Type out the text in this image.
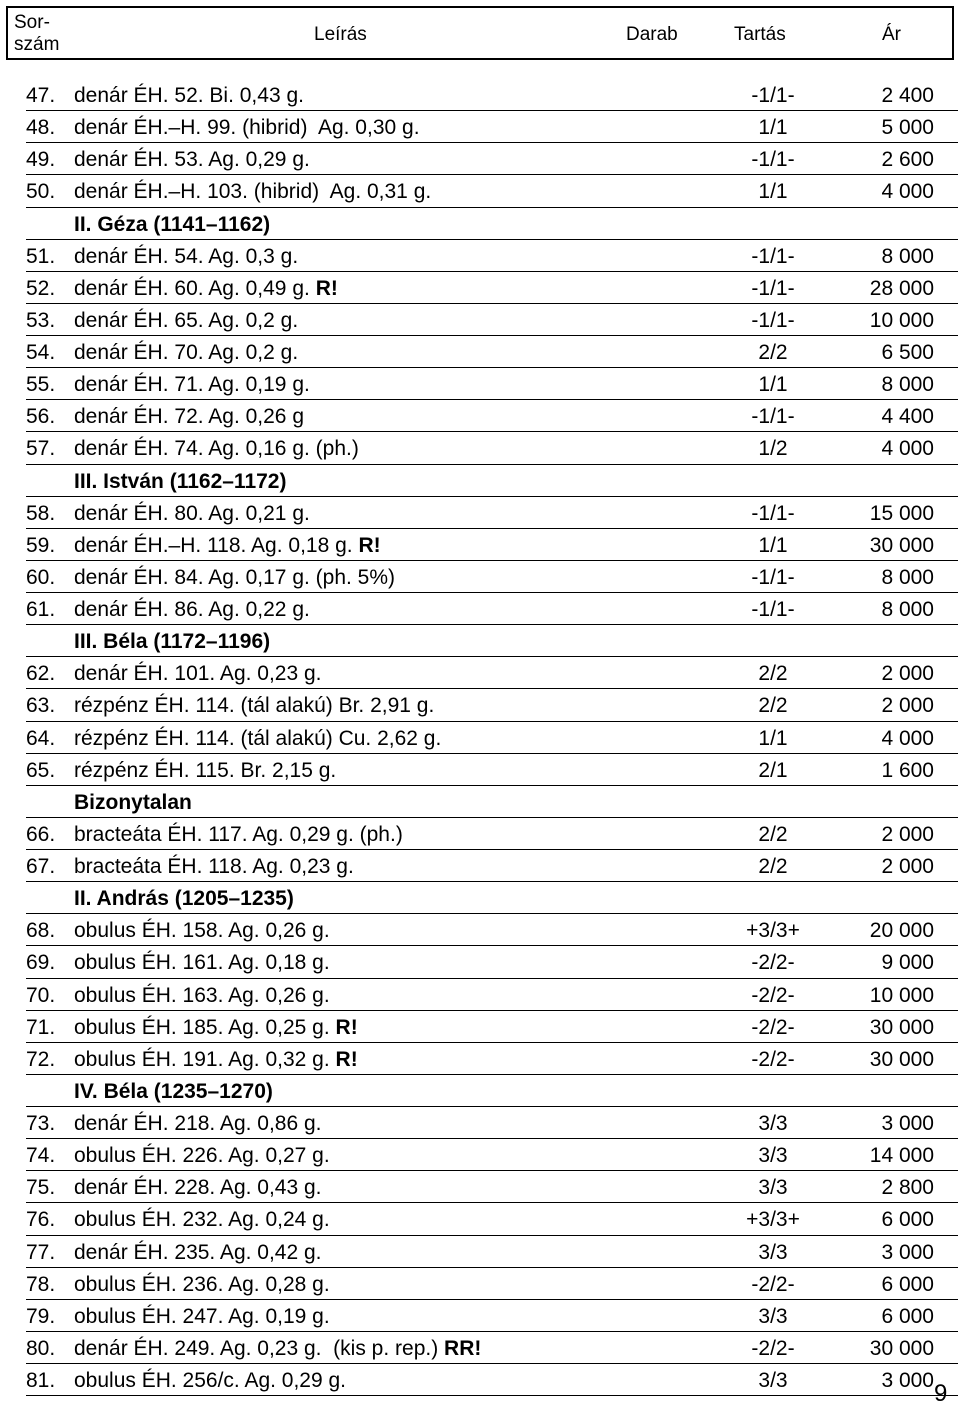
Sor-
szám	Leírás	Darab	Tartás	Ár
47. denár ÉH. 52. Bi. 0,43 g.	-1/1-	2 400
48. denár ÉH.–H. 99. (hibrid)  Ag. 0,30 g.	1/1	5 000
49. denár ÉH. 53. Ag. 0,29 g.	-1/1-	2 600
50. denár ÉH.–H. 103. (hibrid)  Ag. 0,31 g.	1/1	4 000
II. Géza (1141–1162)
51. denár ÉH. 54. Ag. 0,3 g.	-1/1-	8 000
52. denár ÉH. 60. Ag. 0,49 g. R!	-1/1-	28 000
53. denár ÉH. 65. Ag. 0,2 g.	-1/1-	10 000
54. denár ÉH. 70. Ag. 0,2 g.	2/2	6 500
55. denár ÉH. 71. Ag. 0,19 g.	1/1	8 000
56. denár ÉH. 72. Ag. 0,26 g	-1/1-	4 400
57. denár ÉH. 74. Ag. 0,16 g. (ph.)	1/2	4 000
III. István (1162–1172)
58. denár ÉH. 80. Ag. 0,21 g.	-1/1-	15 000
59. denár ÉH.–H. 118. Ag. 0,18 g. R!	1/1	30 000
60. denár ÉH. 84. Ag. 0,17 g. (ph. 5%)	-1/1-	8 000
61. denár ÉH. 86. Ag. 0,22 g.	-1/1-	8 000
III. Béla (1172–1196)
62. denár ÉH. 101. Ag. 0,23 g.	2/2	2 000
63. rézpénz ÉH. 114. (tál alakú) Br. 2,91 g.	2/2	2 000
64. rézpénz ÉH. 114. (tál alakú) Cu. 2,62 g.	1/1	4 000
65. rézpénz ÉH. 115. Br. 2,15 g.	2/1	1 600
Bizonytalan
66. bracteáta ÉH. 117. Ag. 0,29 g. (ph.)	2/2	2 000
67. bracteáta ÉH. 118. Ag. 0,23 g.	2/2	2 000
II. András (1205–1235)
68. obulus ÉH. 158. Ag. 0,26 g.	+3/3+	20 000
69. obulus ÉH. 161. Ag. 0,18 g.	-2/2-	9 000
70. obulus ÉH. 163. Ag. 0,26 g.	-2/2-	10 000
71. obulus ÉH. 185. Ag. 0,25 g. R!	-2/2-	30 000
72. obulus ÉH. 191. Ag. 0,32 g. R!	-2/2-	30 000
IV. Béla (1235–1270)
73. denár ÉH. 218. Ag. 0,86 g.	3/3	3 000
74. obulus ÉH. 226. Ag. 0,27 g.	3/3	14 000
75. denár ÉH. 228. Ag. 0,43 g.	3/3	2 800
76. obulus ÉH. 232. Ag. 0,24 g.	+3/3+	6 000
77. denár ÉH. 235. Ag. 0,42 g.	3/3	3 000
78. obulus ÉH. 236. Ag. 0,28 g.	-2/2-	6 000
79. obulus ÉH. 247. Ag. 0,19 g.	3/3	6 000
80. denár ÉH. 249. Ag. 0,23 g.  (kis p. rep.) RR!	-2/2-	30 000
81. obulus ÉH. 256/c. Ag. 0,29 g.	3/3	3 000 9
